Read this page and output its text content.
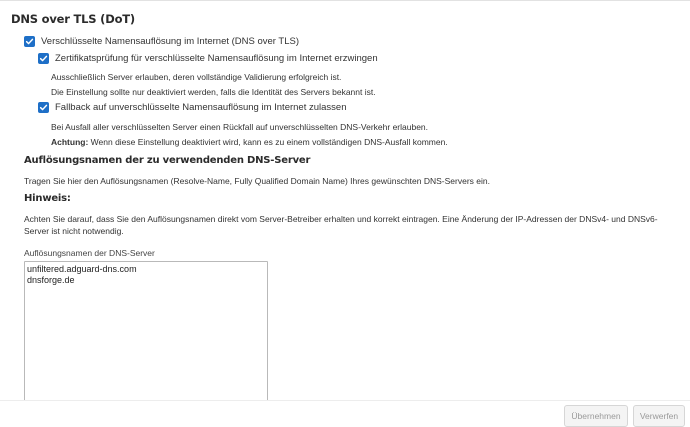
DNS over TLS (DoT)
Verschlüsselte Namensauflösung im Internet (DNS over TLS)
Zertifikatsprüfung für verschlüsselte Namensauflösung im Internet erzwingen
Ausschließlich Server erlauben, deren vollständige Validierung erfolgreich ist.
Die Einstellung sollte nur deaktiviert werden, falls die Identität des Servers bekannt ist.
Fallback auf unverschlüsselte Namensauflösung im Internet zulassen
Bei Ausfall aller verschlüsselten Server einen Rückfall auf unverschlüsselten DNS-Verkehr erlauben.
Achtung: Wenn diese Einstellung deaktiviert wird, kann es zu einem vollständigen DNS-Ausfall kommen.
Auflösungsnamen der zu verwendenden DNS-Server
Tragen Sie hier den Auflösungsnamen (Resolve-Name, Fully Qualified Domain Name) Ihres gewünschten DNS-Servers ein.
Hinweis:
Achten Sie darauf, dass Sie den Auflösungsnamen direkt vom Server-Betreiber erhalten und korrekt eintragen. Eine Änderung der IP-Adressen der DNSv4- und DNSv6-Server ist nicht notwendig.
Auflösungsnamen der DNS-Server
unfiltered.adguard-dns.com dnsforge.de
Übernehmen	Verwerfen
